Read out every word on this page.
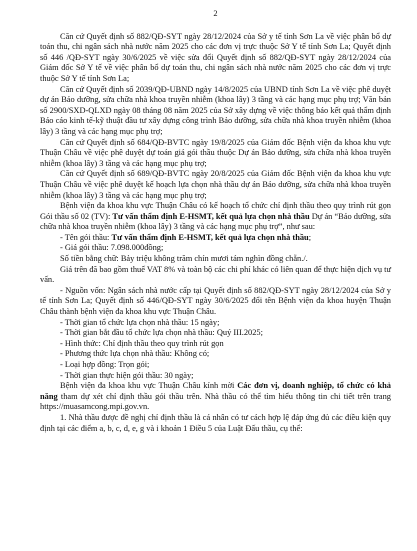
2

Căn cứ Quyết định số 882/QĐ-SYT ngày 28/12/2024 của Sở y tế tỉnh Sơn La về việc phân bổ dự toán thu, chi ngân sách nhà nước năm 2025 cho các đơn vị trực thuộc Sở Y tế tỉnh Sơn La; Quyết định số 446 /QĐ-SYT ngày 30/6/2025 về việc sửa đổi Quyết định số 882/QĐ-SYT ngày 28/12/2024 của Giám đốc Sở Y tế về việc phân bổ dự toán thu, chi ngân sách nhà nước năm 2025 cho các đơn vị trực thuộc Sở Y tế tỉnh Sơn La;

Căn cứ Quyết định số 2039/QĐ-UBND ngày 14/8/2025 của UBND tỉnh Sơn La về việc phê duyệt dự án Bảo dưỡng, sửa chữa nhà khoa truyền nhiễm (khoa lây) 3 tầng và các hạng mục phụ trợ; Văn bản số 2900/SXD-QLXD ngày 08 tháng 08 năm 2025 của Sở xây dựng về việc thông báo kết quả thẩm định Báo cáo kinh tế-kỹ thuật đầu tư xây dựng công trình Bảo dưỡng, sửa chữa nhà khoa truyền nhiễm (khoa lây) 3 tầng và các hạng mục phụ trợ;

Căn cứ Quyết định số 684/QĐ-BVTC ngày 19/8/2025 của Giám đốc Bệnh viện đa khoa khu vực Thuận Châu về việc phê duyệt dự toán giá gói thầu thuộc Dự án Bảo dưỡng, sửa chữa nhà khoa truyền nhiễm (khoa lây) 3 tầng và các hạng mục phụ trợ;

Căn cứ Quyết định số 689/QĐ-BVTC ngày 20/8/2025 của Giám đốc Bệnh viện đa khoa khu vực Thuận Châu về việc phê duyệt kế hoạch lựa chọn nhà thầu dự án Bảo dưỡng, sửa chữa nhà khoa truyền nhiễm (khoa lây) 3 tầng và các hạng mục phụ trợ;

Bệnh viện đa khoa khu vực Thuận Châu có kế hoạch tổ chức chỉ định thầu theo quy trình rút gọn Gói thầu số 02 (TV): Tư vấn thẩm định E-HSMT, kết quả lựa chọn nhà thầu Dự án “Bảo dưỡng, sửa chữa nhà khoa truyền nhiễm (khoa lây) 3 tầng và các hạng mục phụ trợ”, như sau:

- Tên gói thầu: Tư vấn thẩm định E-HSMT, kết quả lựa chọn nhà thầu;

- Giá gói thầu: 7.098.000đồng;

Số tiền bằng chữ: Bảy triệu không trăm chín mươi tám nghìn đồng chẵn./.

Giá trên đã bao gồm thuế VAT 8% và toàn bộ các chi phí khác có liên quan để thực hiện dịch vụ tư vấn.

- Nguồn vốn: Ngân sách nhà nước cấp tại Quyết định số 882/QĐ-SYT ngày 28/12/2024 của Sở y tế tỉnh Sơn La; Quyết định số 446/QĐ-SYT ngày 30/6/2025 đổi tên Bệnh viện đa khoa huyện Thuận Châu thành bệnh viện đa khoa khu vực Thuận Châu.

- Thời gian tổ chức lựa chọn nhà thầu: 15 ngày;

- Thời gian bắt đầu tổ chức lựa chọn nhà thầu: Quý III.2025;

- Hình thức: Chỉ định thầu theo quy trình rút gọn

- Phương thức lựa chọn nhà thầu: Không có;

- Loại hợp đồng: Trọn gói;

- Thời gian thực hiện gói thầu: 30 ngày;

Bệnh viện đa khoa khu vực Thuận Châu kính mời Các đơn vị, doanh nghiệp, tổ chức có khả năng tham dự xét chỉ định thầu gói thầu trên. Nhà thầu có thể tìm hiểu thông tin chi tiết trên trang https://muasamcong.mpi.gov.vn.

1. Nhà thầu được đề nghị chỉ định thầu là cá nhân có tư cách hợp lệ đáp ứng đủ các điều kiện quy định tại các điểm a, b, c, d, e, g và i khoản 1 Điều 5 của Luật Đấu thầu, cụ thể:
